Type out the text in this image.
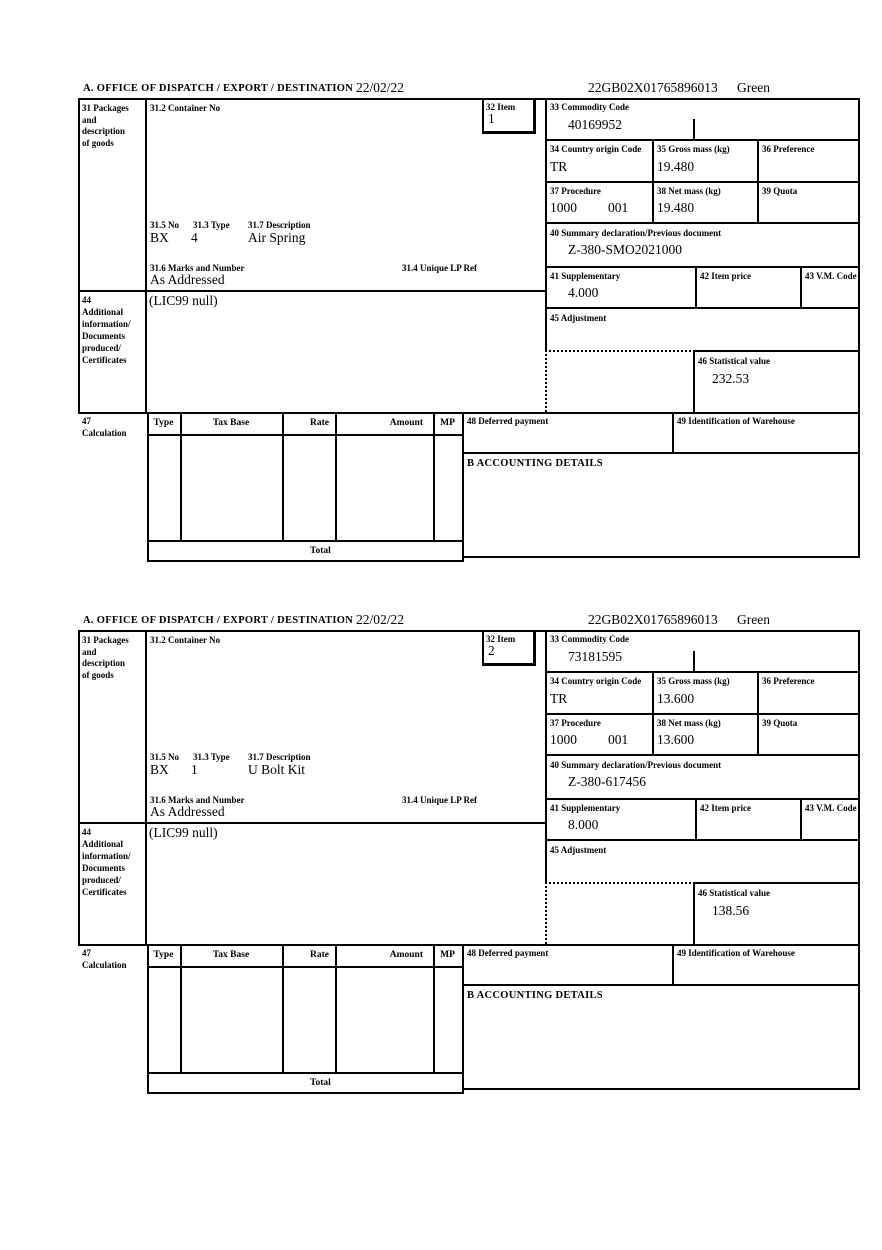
A. OFFICE OF DISPATCH / EXPORT / DESTINATION 22/02/22	22GB02X01765896013 Green
31 Packages
and
description
of goods
31.2 Container No
31.5 No 31.3 Type 31.7 Description
BX 4	Air Spring
31.6 Marks and Number	31.4 Unique LP Ref
As Addressed
32 Item
1
33 Commodity Code
40169952
34 Country origin Code
TR
35 Gross mass (kg)
19.480
36 Preference
37 Procedure
1000 001
38 Net mass (kg)
19.480
39 Quota
40 Summary declaration/Previous document
Z-380-SMO2021000
41 Supplementary
4.000
42 Item price	43 V.M. Code
45 Adjustment
46 Statistical value
232.53
44
Additional
information/
Documents
produced/
Certificates
(LIC99 null)
47
Calculation
Type	Tax Base	Rate	Amount	MP
Total
48 Deferred payment	49 Identification of Warehouse
B ACCOUNTING DETAILS
A. OFFICE OF DISPATCH / EXPORT / DESTINATION 22/02/22	22GB02X01765896013 Green
31 Packages
and
description
of goods
31.2 Container No
31.5 No 31.3 Type 31.7 Description
BX 1	U Bolt Kit
31.6 Marks and Number	31.4 Unique LP Ref
As Addressed
32 Item
2
33 Commodity Code
73181595
34 Country origin Code
TR
35 Gross mass (kg)
13.600
36 Preference
37 Procedure
1000 001
38 Net mass (kg)
13.600
39 Quota
40 Summary declaration/Previous document
Z-380-617456
41 Supplementary
8.000
42 Item price	43 V.M. Code
45 Adjustment
46 Statistical value
138.56
44
Additional
information/
Documents
produced/
Certificates
(LIC99 null)
47
Calculation
Type	Tax Base	Rate	Amount	MP
Total
48 Deferred payment	49 Identification of Warehouse
B ACCOUNTING DETAILS
